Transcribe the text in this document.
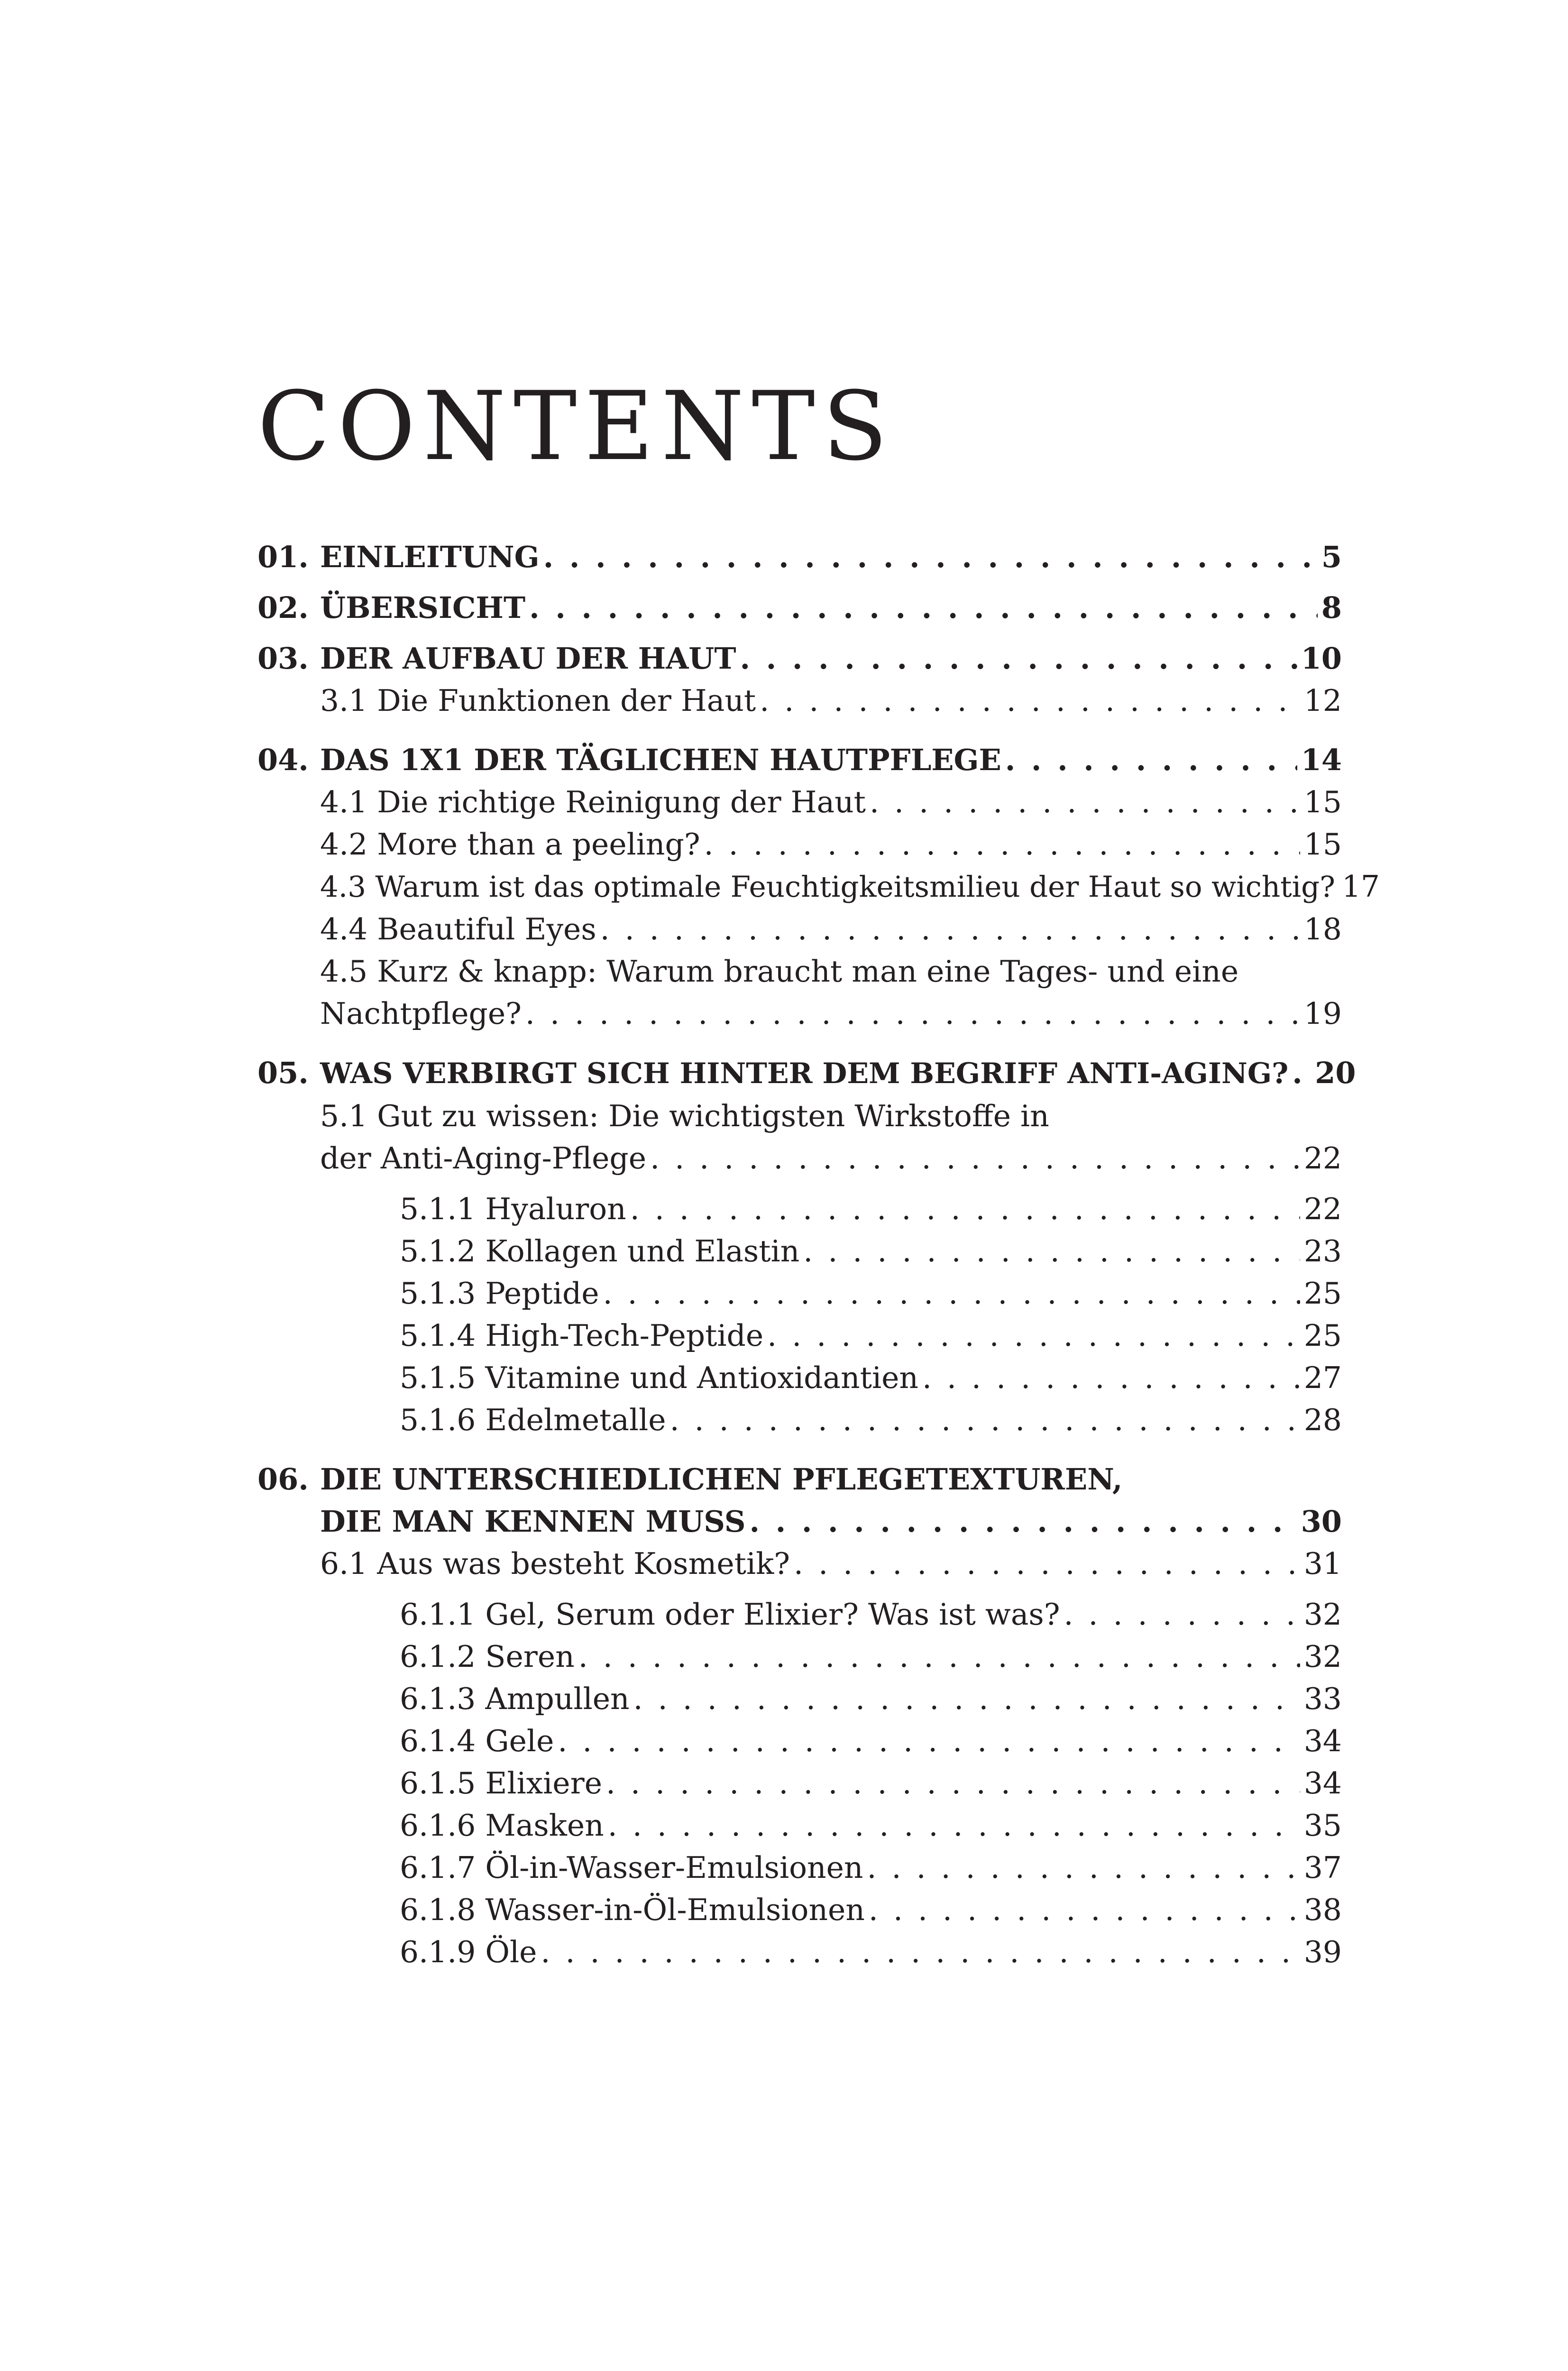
CONTENTS
01. EINLEITUNG . . .	5
02. ÜBERSICHT . . .	8
03. DER AUFBAU DER HAUT . . .	10
3.1 Die Funktionen der Haut . . .	12
04. DAS 1X1 DER TÄGLICHEN HAUTPFLEGE . . .	14
4.1 Die richtige Reinigung der Haut . . .	15
4.2 More than a peeling? . . .	15
4.3 Warum ist das optimale Feuchtigkeitsmilieu der Haut so wichtig? 17
4.4 Beautiful Eyes . . .	18
4.5 Kurz & knapp: Warum braucht man eine Tages- und eine
Nachtpflege? . . .	19
05. WAS VERBIRGT SICH HINTER DEM BEGRIFF ANTI-AGING? . . . 20
5.1 Gut zu wissen: Die wichtigsten Wirkstoffe in
der Anti-Aging-Pflege . . .	22
5.1.1 Hyaluron . . .	22
5.1.2 Kollagen und Elastin . . .	23
5.1.3 Peptide . . .	25
5.1.4 High-Tech-Peptide . . .	25
5.1.5 Vitamine und Antioxidantien . . .	27
5.1.6 Edelmetalle . . .	28
06. DIE UNTERSCHIEDLICHEN PFLEGETEXTUREN,
DIE MAN KENNEN MUSS . . .	30
6.1 Aus was besteht Kosmetik? . . .	31
6.1.1 Gel, Serum oder Elixier? Was ist was? . . .	32
6.1.2 Seren . . .	32
6.1.3 Ampullen . . .	33
6.1.4 Gele . . .	34
6.1.5 Elixiere . . .	34
6.1.6 Masken . . .	35
6.1.7 Öl-in-Wasser-Emulsionen . . .	37
6.1.8 Wasser-in-Öl-Emulsionen . . .	38
6.1.9 Öle . . .	39
